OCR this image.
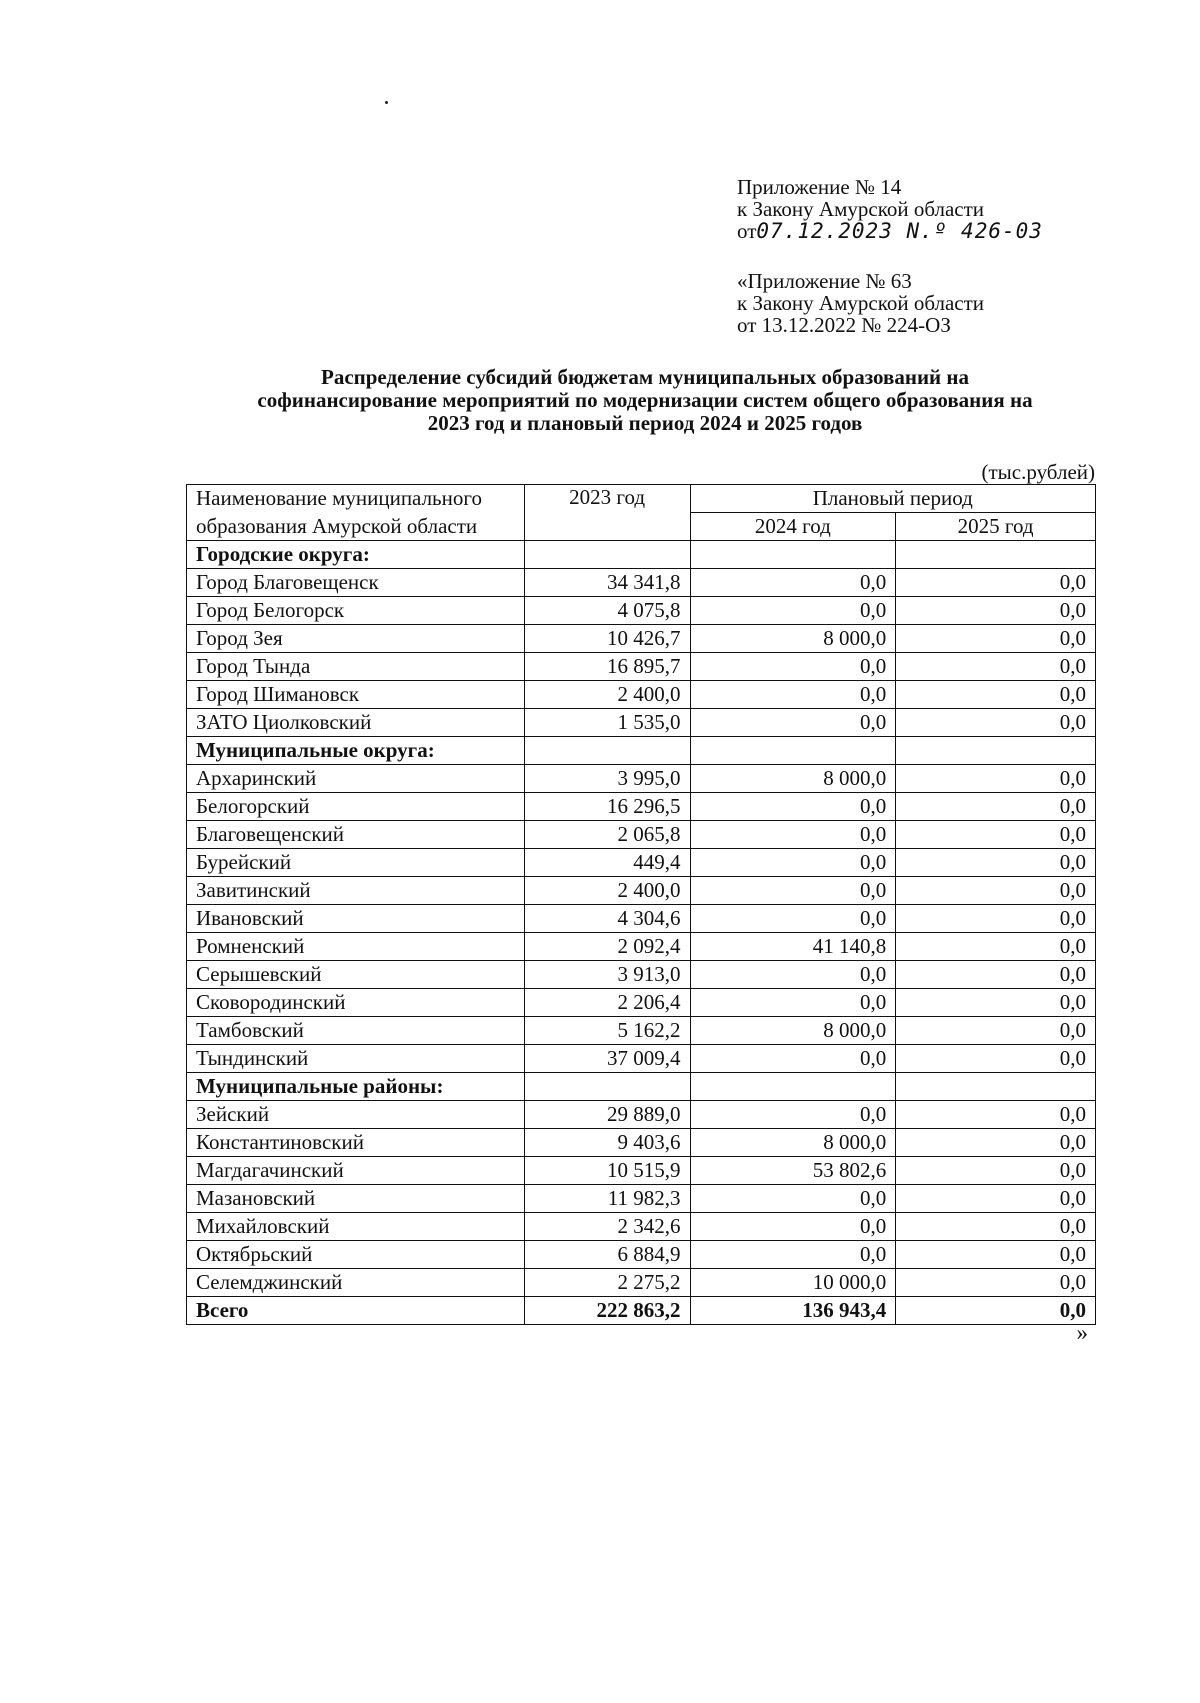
Приложение № 14
к Закону Амурской области
от07.12.2023 N.º 426-03
«Приложение № 63
к Закону Амурской области
от 13.12.2022 № 224-ОЗ
Распределение субсидий бюджетам муниципальных образований на
софинансирование мероприятий по модернизации систем общего образования на
2023 год и плановый период 2024 и 2025 годов
(тыс.рублей)
Наименование муниципального	2023 год	Плановый период	
образования Амурской области		2024 год	2025 год
Городские округа:			
Город Благовещенск	34 341,8	0,0	0,0
Город Белогорск	4 075,8	0,0	0,0
Город Зея	10 426,7	8 000,0	0,0
Город Тында	16 895,7	0,0	0,0
Город Шимановск	2 400,0	0,0	0,0
ЗАТО Циолковский	1 535,0	0,0	0,0
Муниципальные округа:			
Архаринский	3 995,0	8 000,0	0,0
Белогорский	16 296,5	0,0	0,0
Благовещенский	2 065,8	0,0	0,0
Бурейский	449,4	0,0	0,0
Завитинский	2 400,0	0,0	0,0
Ивановский	4 304,6	0,0	0,0
Ромненский	2 092,4	41 140,8	0,0
Серышевский	3 913,0	0,0	0,0
Сковородинский	2 206,4	0,0	0,0
Тамбовский	5 162,2	8 000,0	0,0
Тындинский	37 009,4	0,0	0,0
Муниципальные районы:			
Зейский	29 889,0	0,0	0,0
Константиновский	9 403,6	8 000,0	0,0
Магдагачинский	10 515,9	53 802,6	0,0
Мазановский	11 982,3	0,0	0,0
Михайловский	2 342,6	0,0	0,0
Октябрьский	6 884,9	0,0	0,0
Селемджинский	2 275,2	10 000,0	0,0
Всего	222 863,2	136 943,4	0,0
»
